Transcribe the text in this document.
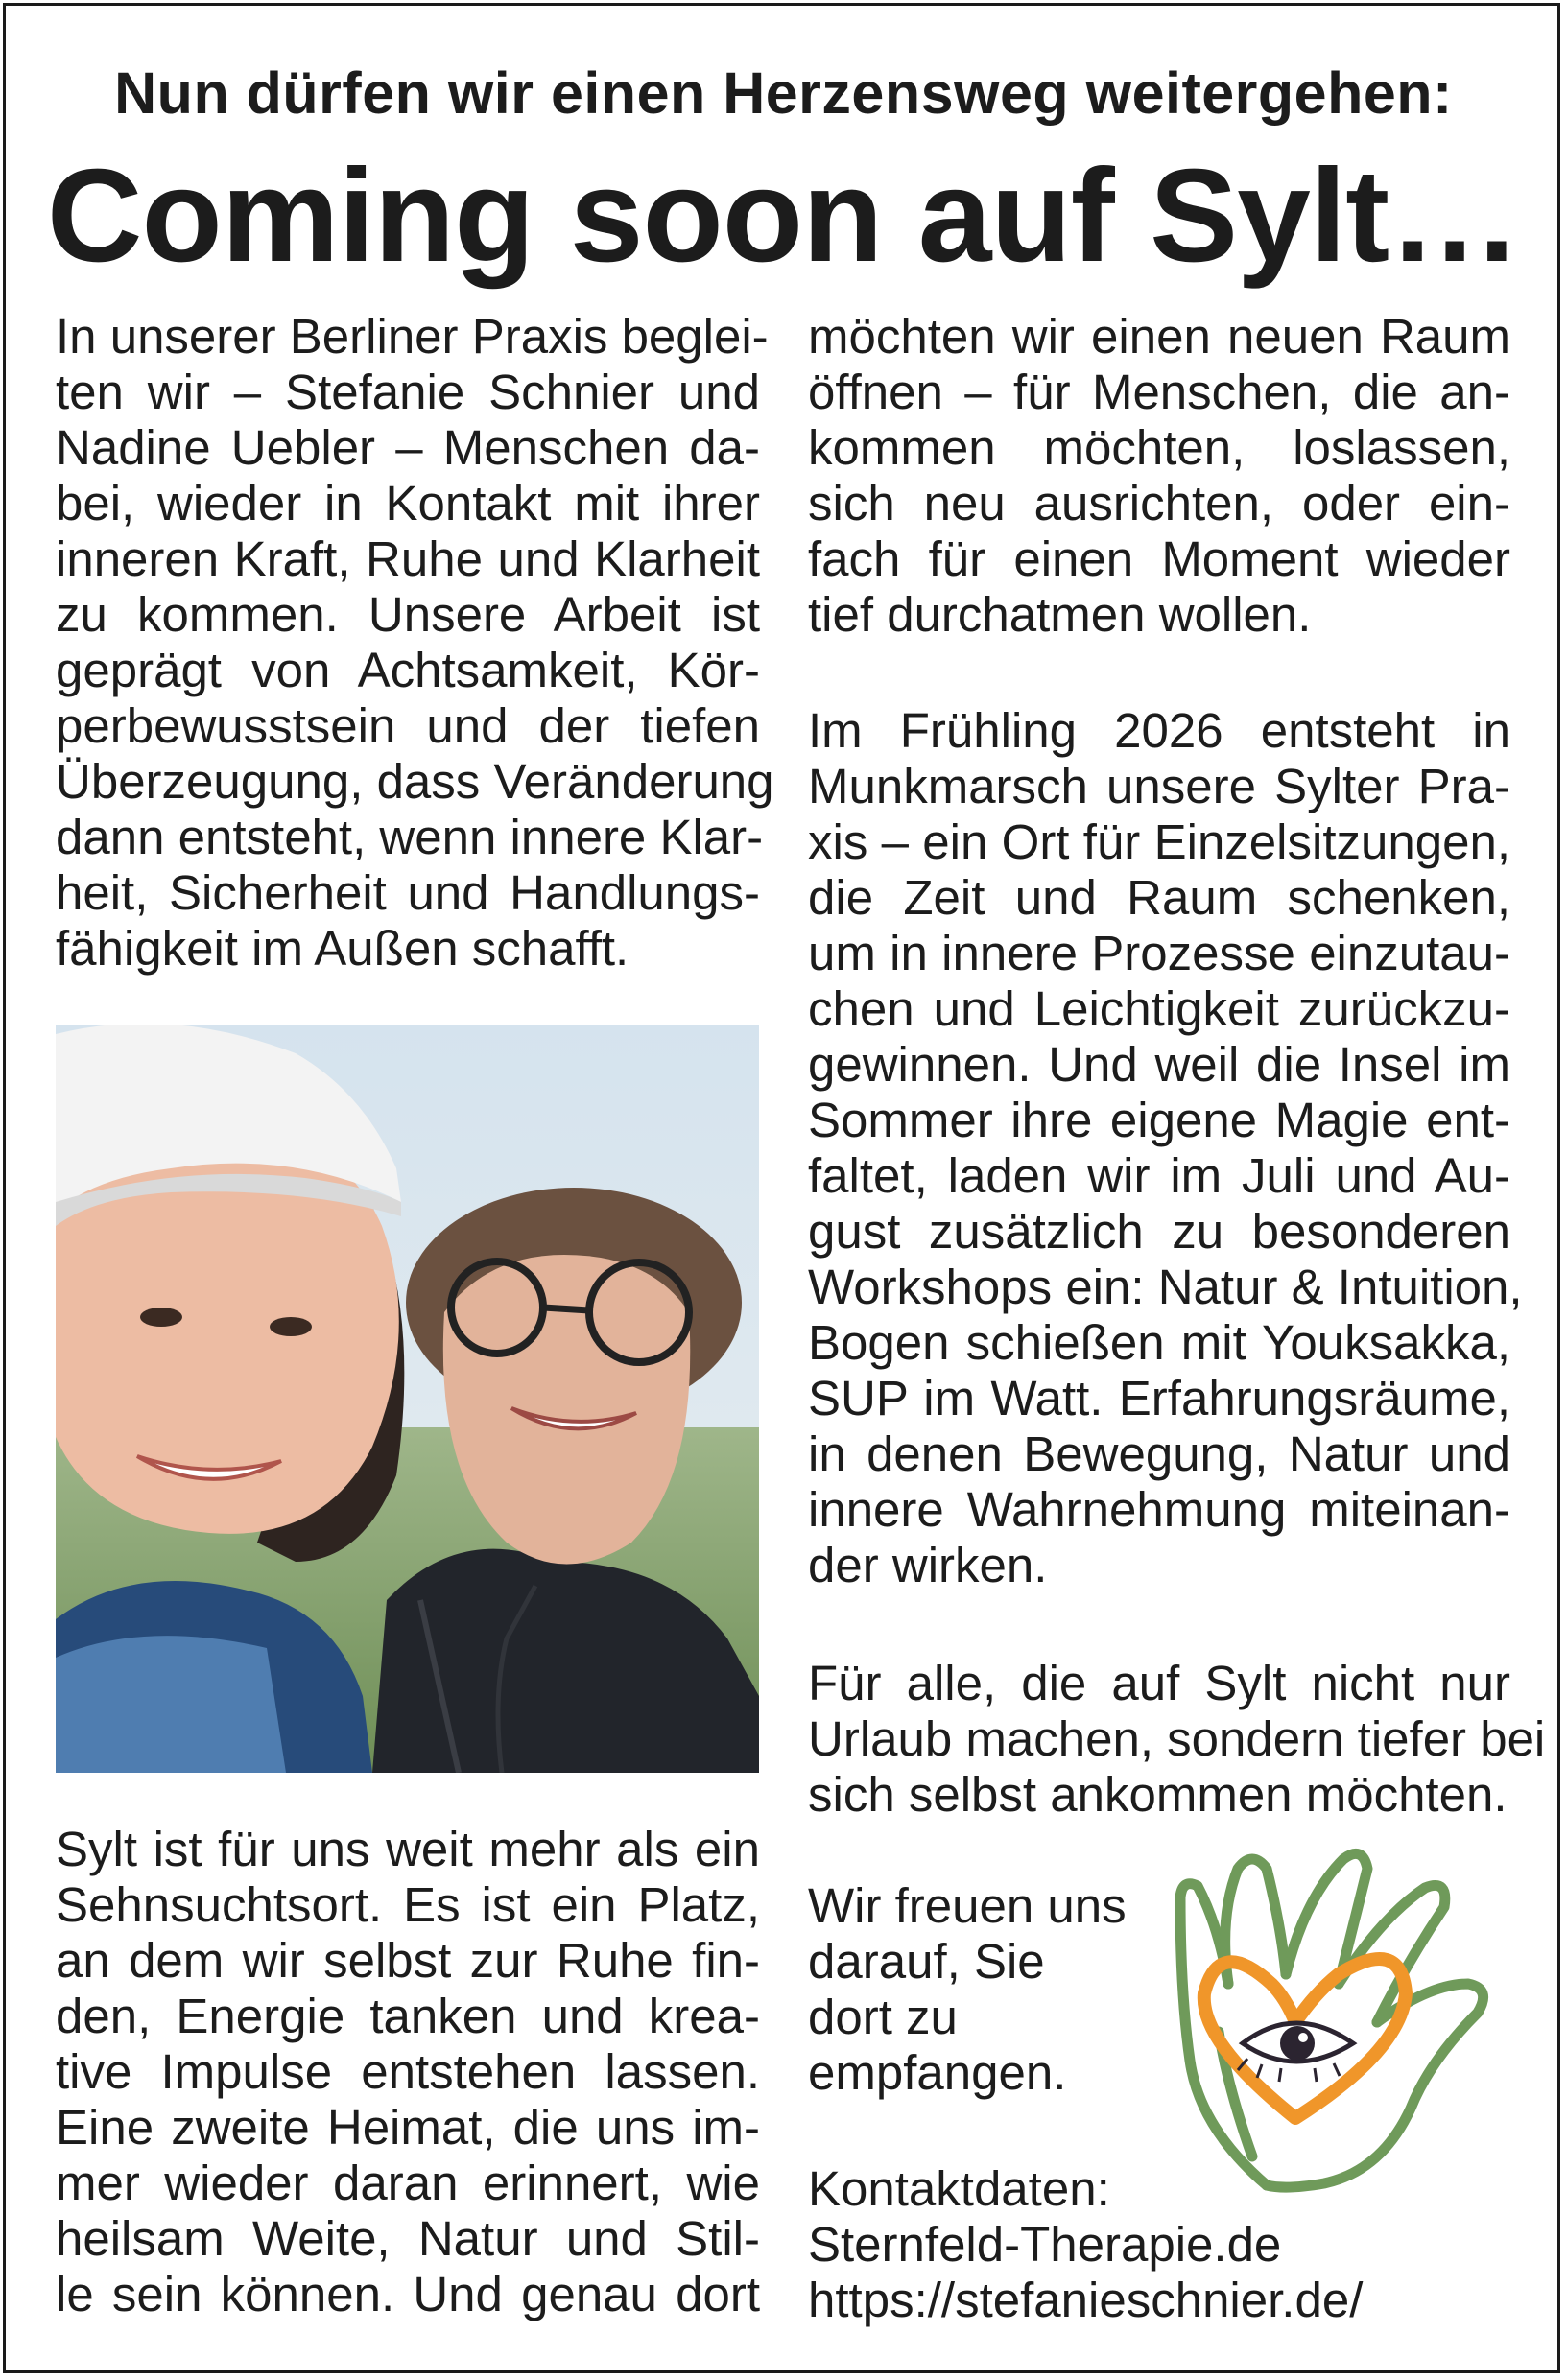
Nun dürfen wir einen Herzensweg weitergehen:
Coming soon auf Sylt…

In unserer Berliner Praxis beglei-
ten wir – Stefanie Schnier und
Nadine Uebler – Menschen da-
bei, wieder in Kontakt mit ihrer
inneren Kraft, Ruhe und Klarheit
zu kommen. Unsere Arbeit ist
geprägt von Achtsamkeit, Kör-
perbewusstsein und der tiefen
Überzeugung, dass Veränderung
dann entsteht, wenn innere Klar-
heit, Sicherheit und Handlungs-
fähigkeit im Außen schafft.

Sylt ist für uns weit mehr als ein
Sehnsuchtsort. Es ist ein Platz,
an dem wir selbst zur Ruhe fin-
den, Energie tanken und krea-
tive Impulse entstehen lassen.
Eine zweite Heimat, die uns im-
mer wieder daran erinnert, wie
heilsam Weite, Natur und Stil-
le sein können. Und genau dort

möchten wir einen neuen Raum
öffnen – für Menschen, die an-
kommen möchten, loslassen,
sich neu ausrichten, oder ein-
fach für einen Moment wieder
tief durchatmen wollen.

Im Frühling 2026 entsteht in
Munkmarsch unsere Sylter Pra-
xis – ein Ort für Einzelsitzungen,
die Zeit und Raum schenken,
um in innere Prozesse einzutau-
chen und Leichtigkeit zurückzu-
gewinnen. Und weil die Insel im
Sommer ihre eigene Magie ent-
faltet, laden wir im Juli und Au-
gust zusätzlich zu besonderen
Workshops ein: Natur & Intuition,
Bogen schießen mit Youksakka,
SUP im Watt. Erfahrungsräume,
in denen Bewegung, Natur und
innere Wahrnehmung miteinan-
der wirken.

Für alle, die auf Sylt nicht nur
Urlaub machen, sondern tiefer bei
sich selbst ankommen möchten.

Wir freuen uns
darauf, Sie
dort zu
empfangen.

Kontaktdaten:
Sternfeld-Therapie.de
https://stefanieschnier.de/
